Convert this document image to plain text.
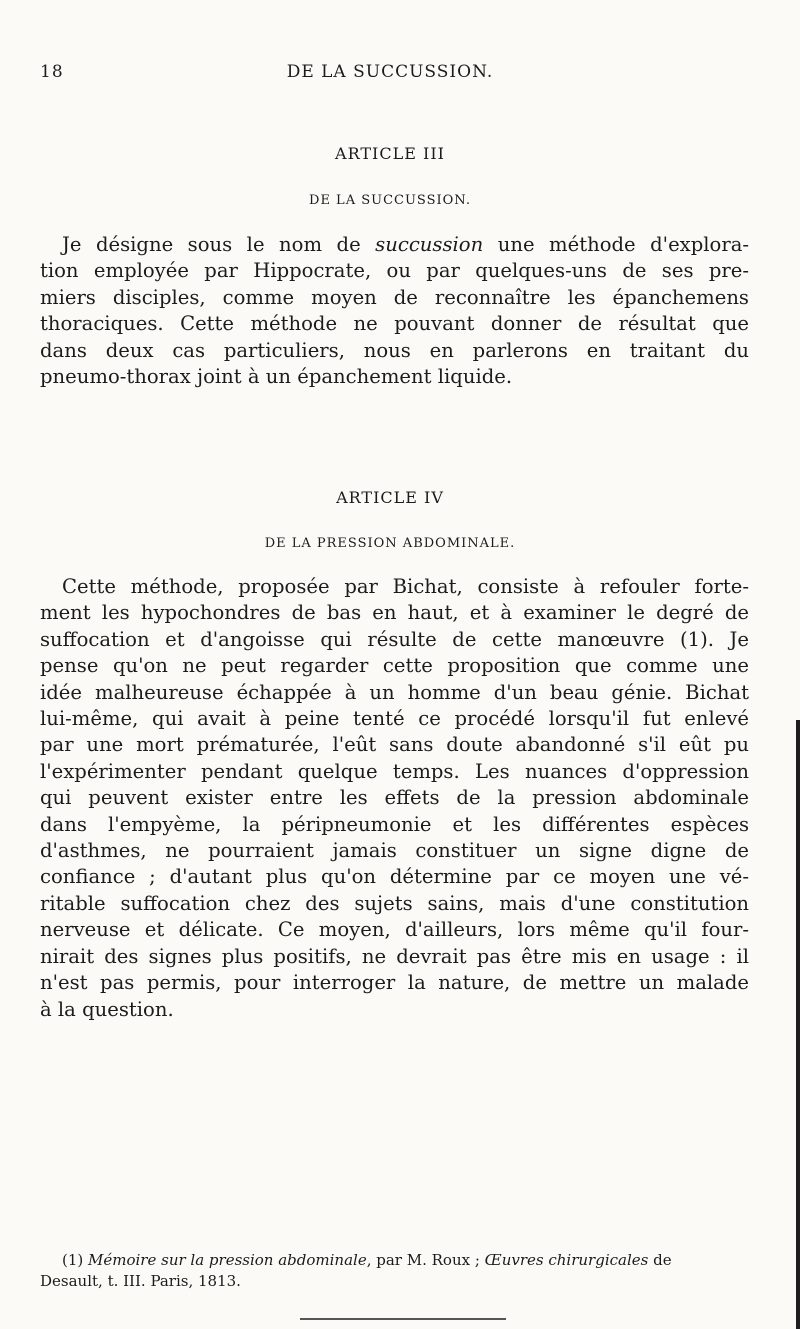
18	DE LA SUCCUSSION.
ARTICLE III
DE LA SUCCUSSION.
Je désigne sous le nom de succussion une méthode d'explora-
tion employée par Hippocrate, ou par quelques-uns de ses pre-
miers disciples, comme moyen de reconnaître les épanchemens
thoraciques. Cette méthode ne pouvant donner de résultat que
dans deux cas particuliers, nous en parlerons en traitant du
pneumo-thorax joint à un épanchement liquide.
ARTICLE IV
DE LA PRESSION ABDOMINALE.
Cette méthode, proposée par Bichat, consiste à refouler forte-
ment les hypochondres de bas en haut, et à examiner le degré de
suffocation et d'angoisse qui résulte de cette manœuvre (1). Je
pense qu'on ne peut regarder cette proposition que comme une
idée malheureuse échappée à un homme d'un beau génie. Bichat
lui-même, qui avait à peine tenté ce procédé lorsqu'il fut enlevé
par une mort prématurée, l'eût sans doute abandonné s'il eût pu
l'expérimenter pendant quelque temps. Les nuances d'oppression
qui peuvent exister entre les effets de la pression abdominale
dans l'empyème, la péripneumonie et les différentes espèces
d'asthmes, ne pourraient jamais constituer un signe digne de
confiance ; d'autant plus qu'on détermine par ce moyen une vé-
ritable suffocation chez des sujets sains, mais d'une constitution
nerveuse et délicate. Ce moyen, d'ailleurs, lors même qu'il four-
nirait des signes plus positifs, ne devrait pas être mis en usage : il
n'est pas permis, pour interroger la nature, de mettre un malade
à la question.
(1) Mémoire sur la pression abdominale, par M. Roux ; Œuvres chirurgicales de
Desault, t. III. Paris, 1813.
